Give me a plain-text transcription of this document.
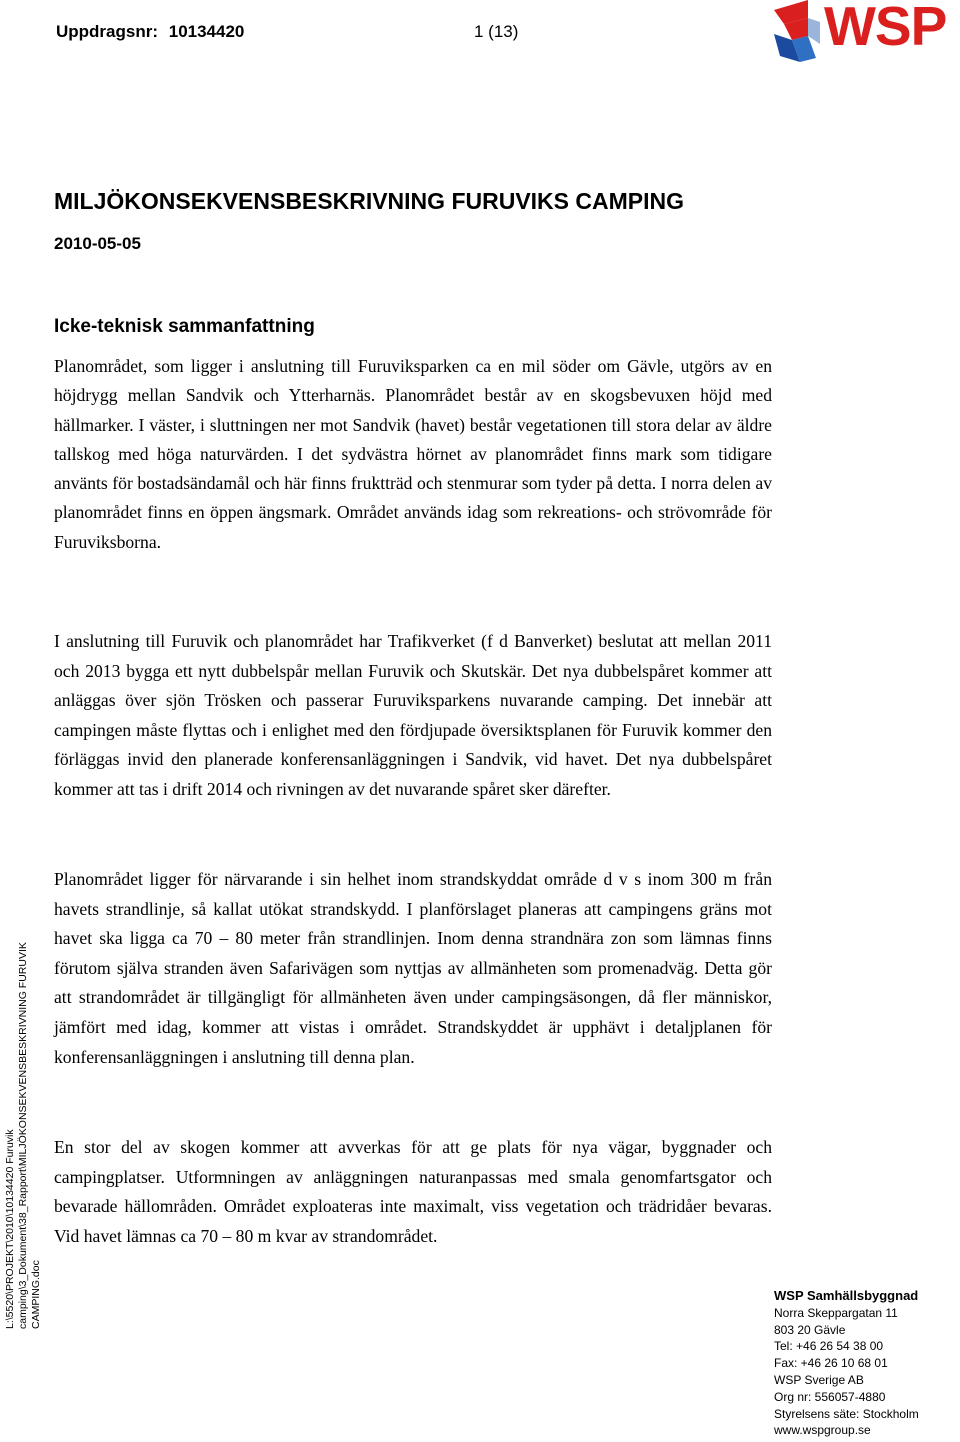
Uppdragsnr: 10134420	1 (13)	WSP
MILJÖKONSEKVENSBESKRIVNING FURUVIKS CAMPING
2010-05-05
Icke-teknisk sammanfattning

Planområdet, som ligger i anslutning till Furuviksparken ca en mil söder om Gävle, utgörs av en höjdrygg mellan Sandvik och Ytterharnäs. Planområdet består av en skogsbevuxen höjd med hällmarker. I väster, i sluttningen ner mot Sandvik (havet) består vegetationen till stora delar av äldre tallskog med höga naturvärden. I det sydvästra hörnet av planområdet finns mark som tidigare använts för bostadsändamål och här finns fruktträd och stenmurar som tyder på detta. I norra delen av planområdet finns en öppen ängsmark. Området används idag som rekreations- och strövområde för Furuviksborna.

I anslutning till Furuvik och planområdet har Trafikverket (f d Banverket) beslutat att mellan 2011 och 2013 bygga ett nytt dubbelspår mellan Furuvik och Skutskär. Det nya dubbelspåret kommer att anläggas över sjön Trösken och passerar Furuviksparkens nuvarande camping. Det innebär att campingen måste flyttas och i enlighet med den fördjupade översiktsplanen för Furuvik kommer den förläggas invid den planerade konferensanläggningen i Sandvik, vid havet. Det nya dubbelspåret kommer att tas i drift 2014 och rivningen av det nuvarande spåret sker därefter.

Planområdet ligger för närvarande i sin helhet inom strandskyddat område d v s inom 300 m från havets strandlinje, så kallat utökat strandskydd. I planförslaget planeras att campingens gräns mot havet ska ligga ca 70 – 80 meter från strandlinjen. Inom denna strandnära zon som lämnas finns förutom själva stranden även Safarivägen som nyttjas av allmänheten som promenadväg. Detta gör att strandområdet är tillgängligt för allmänheten även under campingsäsongen, då fler människor, jämfört med idag, kommer att vistas i området. Strandskyddet är upphävt i detaljplanen för konferensanläggningen i anslutning till denna plan.

En stor del av skogen kommer att avverkas för att ge plats för nya vägar, byggnader och campingplatser. Utformningen av anläggningen naturanpassas med smala genomfartsgator och bevarade hällområden. Området exploateras inte maximalt, viss vegetation och trädridåer bevaras. Vid havet lämnas ca 70 – 80 m kvar av strandområdet.

L:\5520\PROJEKT\2010\10134420 Furuvik camping\3_Dokument\38_Rapport\MILJÖKONSEKVENSBESKRIVNING FURUVIK CAMPING.doc	WSP Samhällsbyggnad
Norra Skeppargatan 11
803 20 Gävle
Tel: +46 26 54 38 00
Fax: +46 26 10 68 01
WSP Sverige AB
Org nr: 556057-4880
Styrelsens säte: Stockholm
www.wspgroup.se
